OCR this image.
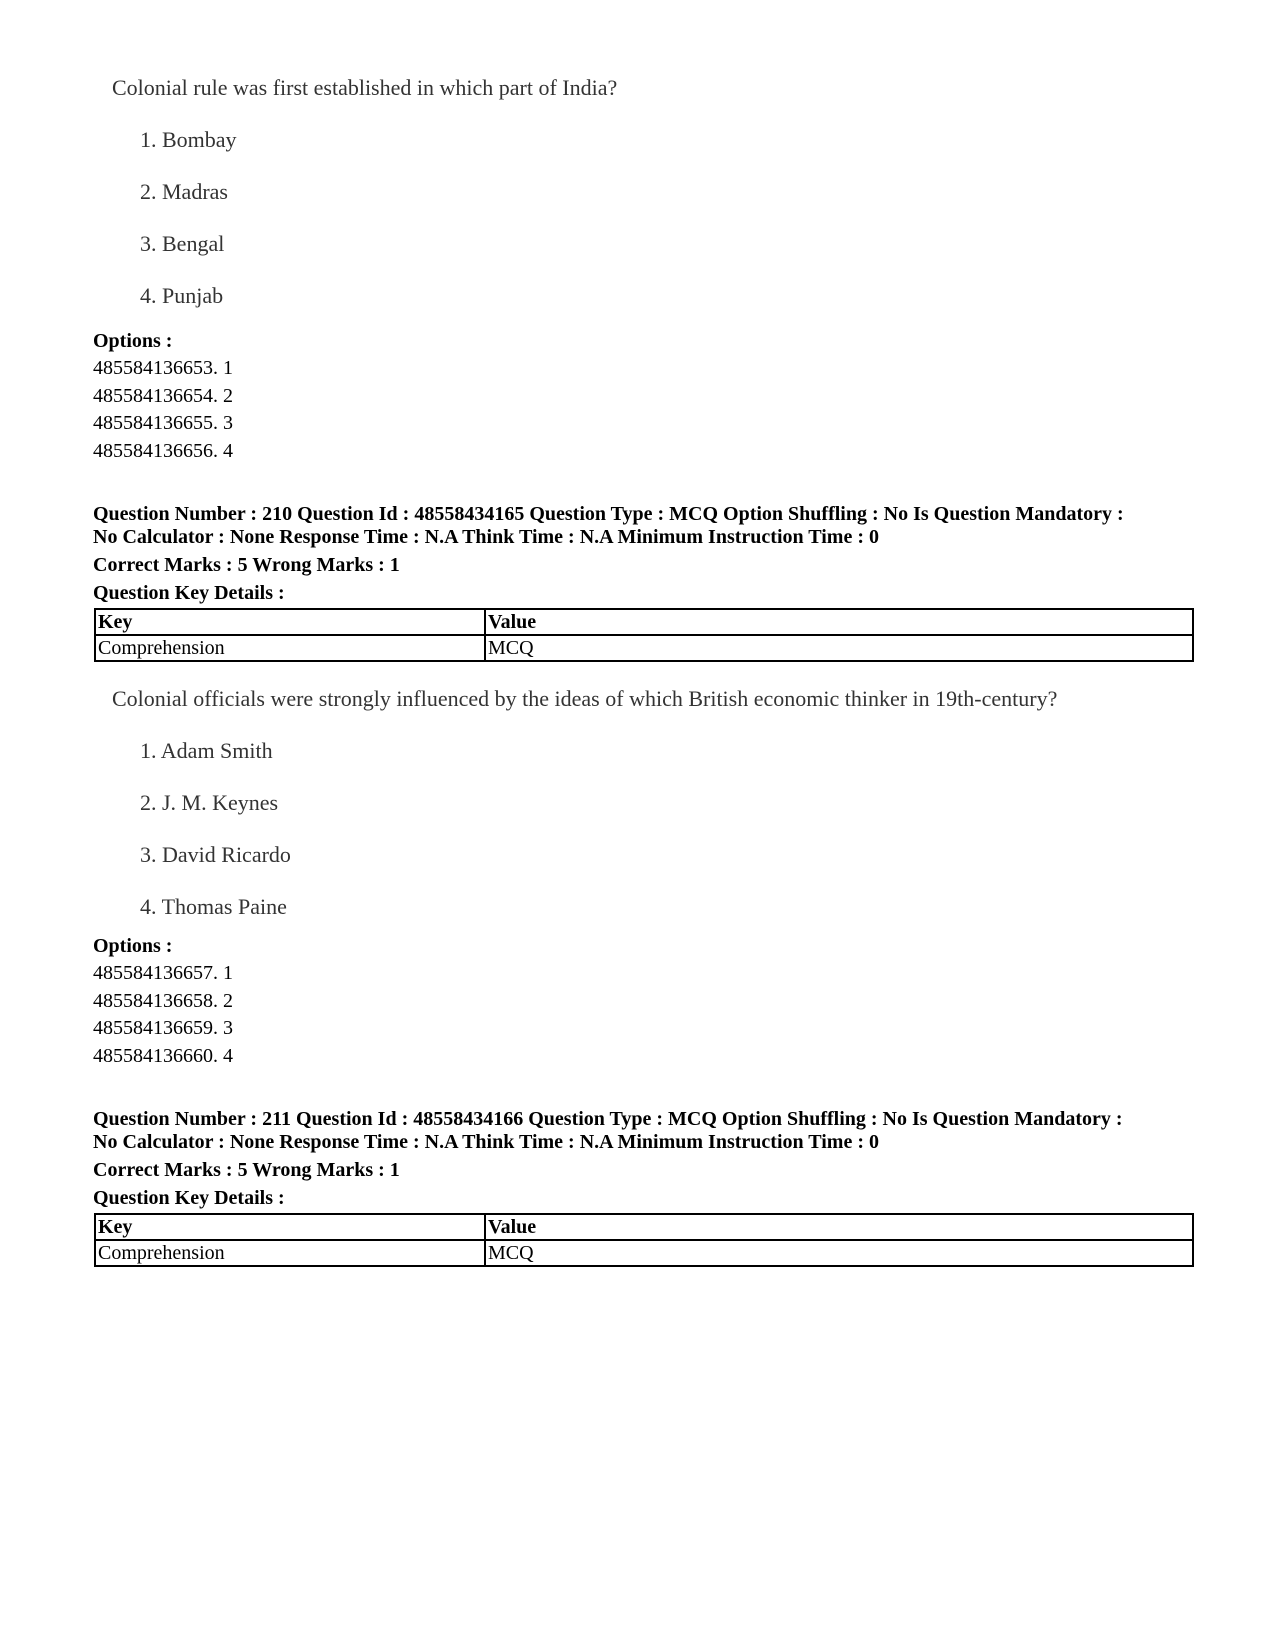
Colonial rule was first established in which part of India?
1. Bombay
2. Madras
3. Bengal
4. Punjab
Options :
485584136653. 1
485584136654. 2
485584136655. 3
485584136656. 4
Question Number : 210 Question Id : 48558434165 Question Type : MCQ Option Shuffling : No Is Question Mandatory :
No Calculator : None Response Time : N.A Think Time : N.A Minimum Instruction Time : 0
Correct Marks : 5 Wrong Marks : 1
Question Key Details :
Key	Value
Comprehension	MCQ
Colonial officials were strongly influenced by the ideas of which British economic thinker in 19th-century?
1. Adam Smith
2. J. M. Keynes
3. David Ricardo
4. Thomas Paine
Options :
485584136657. 1
485584136658. 2
485584136659. 3
485584136660. 4
Question Number : 211 Question Id : 48558434166 Question Type : MCQ Option Shuffling : No Is Question Mandatory :
No Calculator : None Response Time : N.A Think Time : N.A Minimum Instruction Time : 0
Correct Marks : 5 Wrong Marks : 1
Question Key Details :
Key	Value
Comprehension	MCQ
